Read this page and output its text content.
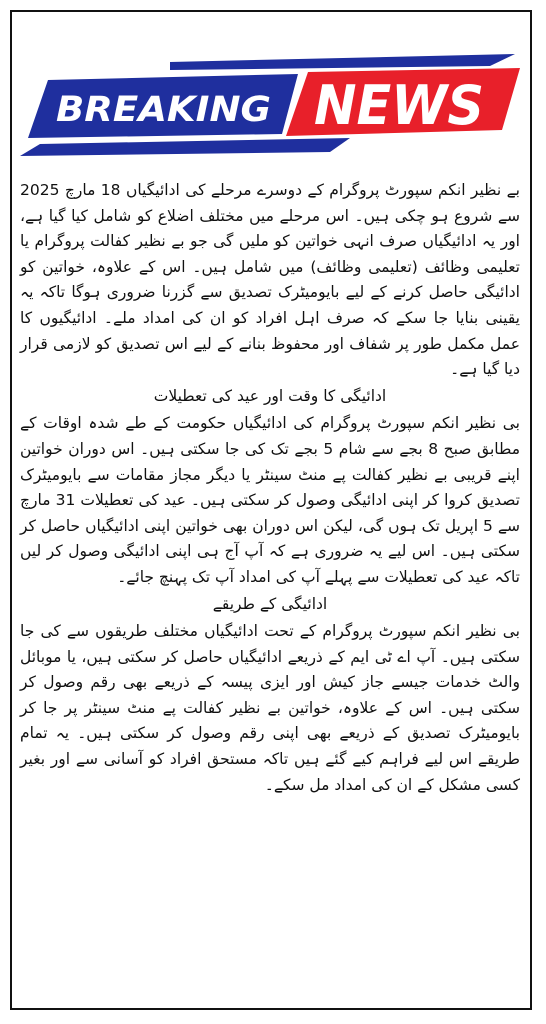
BREAKING NEWS

بے نظیر انکم سپورٹ پروگرام کے دوسرے مرحلے کی ادائیگیاں 18 مارچ 2025 سے شروع ہو چکی ہیں۔ اس مرحلے میں مختلف اضلاع کو شامل کیا گیا ہے، اور یہ ادائیگیاں صرف انہی خواتین کو ملیں گی جو بے نظیر کفالت پروگرام یا تعلیمی وظائف (تعلیمی وظائف) میں شامل ہیں۔ اس کے علاوہ، خواتین کو ادائیگی حاصل کرنے کے لیے بایومیٹرک تصدیق سے گزرنا ضروری ہوگا تاکہ یہ یقینی بنایا جا سکے کہ صرف اہل افراد کو ان کی امداد ملے۔ ادائیگیوں کا عمل مکمل طور پر شفاف اور محفوظ بنانے کے لیے اس تصدیق کو لازمی قرار دیا گیا ہے۔

ادائیگی کا وقت اور عید کی تعطیلات

بی نظیر انکم سپورٹ پروگرام کی ادائیگیاں حکومت کے طے شدہ اوقات کے مطابق صبح 8 بجے سے شام 5 بجے تک کی جا سکتی ہیں۔ اس دوران خواتین اپنے قریبی بے نظیر کفالت پے منٹ سینٹر یا دیگر مجاز مقامات سے بایومیٹرک تصدیق کروا کر اپنی ادائیگی وصول کر سکتی ہیں۔ عید کی تعطیلات 31 مارچ سے 5 اپریل تک ہوں گی، لیکن اس دوران بھی خواتین اپنی ادائیگیاں حاصل کر سکتی ہیں۔ اس لیے یہ ضروری ہے کہ آپ آج ہی اپنی ادائیگی وصول کر لیں تاکہ عید کی تعطیلات سے پہلے آپ کی امداد آپ تک پہنچ جائے۔

ادائیگی کے طریقے

بی نظیر انکم سپورٹ پروگرام کے تحت ادائیگیاں مختلف طریقوں سے کی جا سکتی ہیں۔ آپ اے ٹی ایم کے ذریعے ادائیگیاں حاصل کر سکتی ہیں، یا موبائل والٹ خدمات جیسے جاز کیش اور ایزی پیسہ کے ذریعے بھی رقم وصول کر سکتی ہیں۔ اس کے علاوہ، خواتین بے نظیر کفالت پے منٹ سینٹر پر جا کر بایومیٹرک تصدیق کے ذریعے بھی اپنی رقم وصول کر سکتی ہیں۔ یہ تمام طریقے اس لیے فراہم کیے گئے ہیں تاکہ مستحق افراد کو آسانی سے اور بغیر کسی مشکل کے ان کی امداد مل سکے۔
